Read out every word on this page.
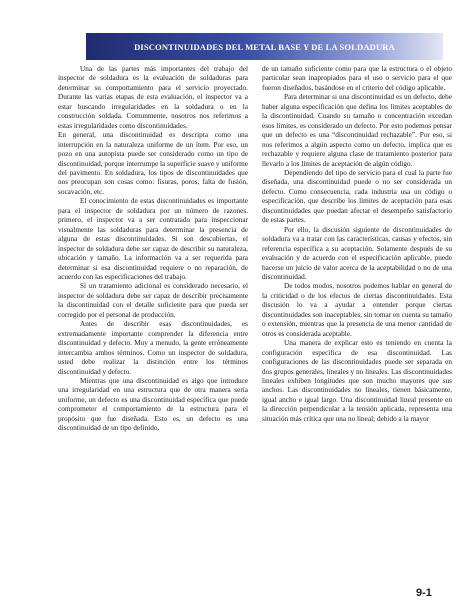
DISCONTINUIDADES DEL METAL BASE Y DE LA SOLDADURA

Una de las partes más importantes del trabajo del inspector de soldadura es la evaluación de soldaduras para determinar su comportamiento para el servicio proyectado. Durante las varias etapas de esta evaluación, el inspector va a estar buscando irregularidades en la soldadura o en la construcción soldada. Comunmente, nosotros nos referimos a estas irregularidades como discontinuidades.

En general, una discontinuidad es descripta como una interrupción en la naturaleza uniforme de un ítem. Por eso, un pozo en una autopista puede ser considerado como un tipo de discontinuidad, porque interrumpe la superficie suave y uniforme del pavimento. En soldadura, los tipos de discontinuidades que nos preocupan son cosas como: fisuras, poros, falta de fusión, socavación, etc.

El conocimiento de estas discontinuidades es importante para el inspector de soldadura por un número de razones. primero, el inspector va a ser contratado para inspeccionar visualmente las soldaduras para determinar la presencia de alguna de estas discontinuidades. Si son descubiertas, el inspector de soldadura debe ser capaz de describir su naturaleza, ubicación y tamaño. La información va a ser requerida para determinar si esa discontinuidad requiere o no reparación, de acuerdo con las especificaciones del trabajo.

Si un tratamiento adicional es considerado necesario, el inspector de soldadura debe ser capaz de describir precisamente la discontinuidad con el detalle suficiente para que pueda ser corregido por el personal de producción.

Antes de describir esas discontinuidades, es extremadamente importante comprender la diferencia entre discontinuidad y defecto. Muy a menudo, la gente erróneamente intercambia ambos términos. Como un inspector de soldadura, usted debe realizar la distinción entre los términos discontinuidad y defecto.

Mientras que una discontinuidad es algo que introduce una irregularidad en una estructura que de otra manera sería uniforme, un defecto es una discontinuidad específica que puede comprometer el comportamiento de la estructura para el propósito que fue diseñada. Esto es, un defecto es una discontinuidad de un tipo definido,

de un tamaño suficiente como para que la estructura o el objeto particular sean inapropiados para el uso o servicio para el que fueron diseñados, basándose en el criterio del código aplicable.

Para determinar si una discontinuidad es un defecto, debe haber alguna especificación que defina los límites aceptables de la discontinuidad. Cuando su tamaño o concentración excedan esos límites, es considerado un defecto. Por esto podemos pensar que un defecto es una “discontinuidad rechazable”. Por eso, si nos referimos a algún aspecto como un defecto, implica que es rechazable y requiere alguna clase de tratamiento posterior para llevarlo a los límites de aceptación de algún código.

Dependiendo del tipo de servicio para el cual la parte fue diseñada, una discontinuidad puede o no ser considerada un defecto. Como consecuencia, cada industria usa un código o especificación, que describe los límites de aceptación para esas discontinuidades que puedan afectar el desempeño satisfactorio de estas partes.

Por ello, la discusión siguiente de discontinuidades de soldadura va a tratar con las características, causas y efectos, sin referencia específica a su aceptación. Solamente después de su evaluación y de acuerdo con el especificación aplicable, puede hacerse un juicio de valor acerca de la aceptabilidad o no de una discontinuidad.

De todos modos, nosotros podemos hablar en general de la criticidad o de los efectos de ciertas discontinuidades. Esta discusión lo va a ayudar a entender porque ciertas discontinuidades son inaceptables, sin tomar en cuenta su tamaño o extensión, mientras que la presencia de una menor cantidad de otros es considerada aceptable.

Una manera de explicar esto es teniendo en cuenta la configuración específica de esa discontinuidad. Las configuraciones de las discontinuidades puede ser separada en dos grupos generales, lineales y no lineales. Las discontinuidades lineales exhiben longitudes que son mucho mayores que sus anchos. Las discontinuidades no lineales, tienen básicamente, igual ancho e igual largo. Una discontinuidad lineal presente en la dirección perpendicular a la tensión aplicada, representa una situación más crítica que una no lineal; debido a la mayor

9-1
